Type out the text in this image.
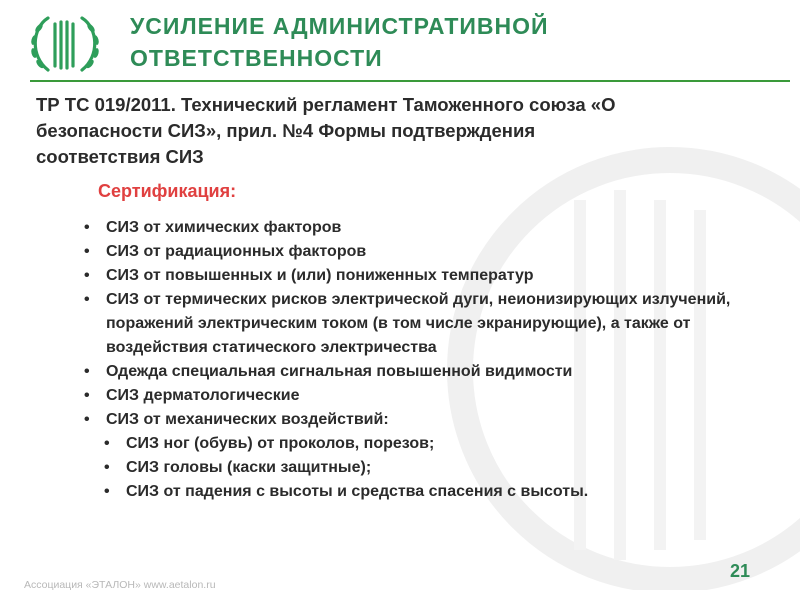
УСИЛЕНИЕ АДМИНИСТРАТИВНОЙ
ОТВЕТСТВЕННОСТИ

ТР ТС 019/2011. Технический регламент Таможенного союза «О безопасности СИЗ», прил. №4 Формы подтверждения соответствия СИЗ

Сертификация:

• СИЗ от химических факторов
• СИЗ от радиационных факторов
• СИЗ от повышенных и (или) пониженных температур
• СИЗ от термических рисков электрической дуги, неионизирующих излучений, поражений электрическим током (в том числе экранирующие), а также от воздействия статического электричества
• Одежда специальная сигнальная повышенной видимости
• СИЗ дерматологические
• СИЗ от механических воздействий:
• СИЗ ног (обувь) от проколов, порезов;
• СИЗ головы (каски защитные);
• СИЗ от падения с высоты и средства спасения с высоты.

Ассоциация «ЭТАЛОН» www.aetalon.ru

21
